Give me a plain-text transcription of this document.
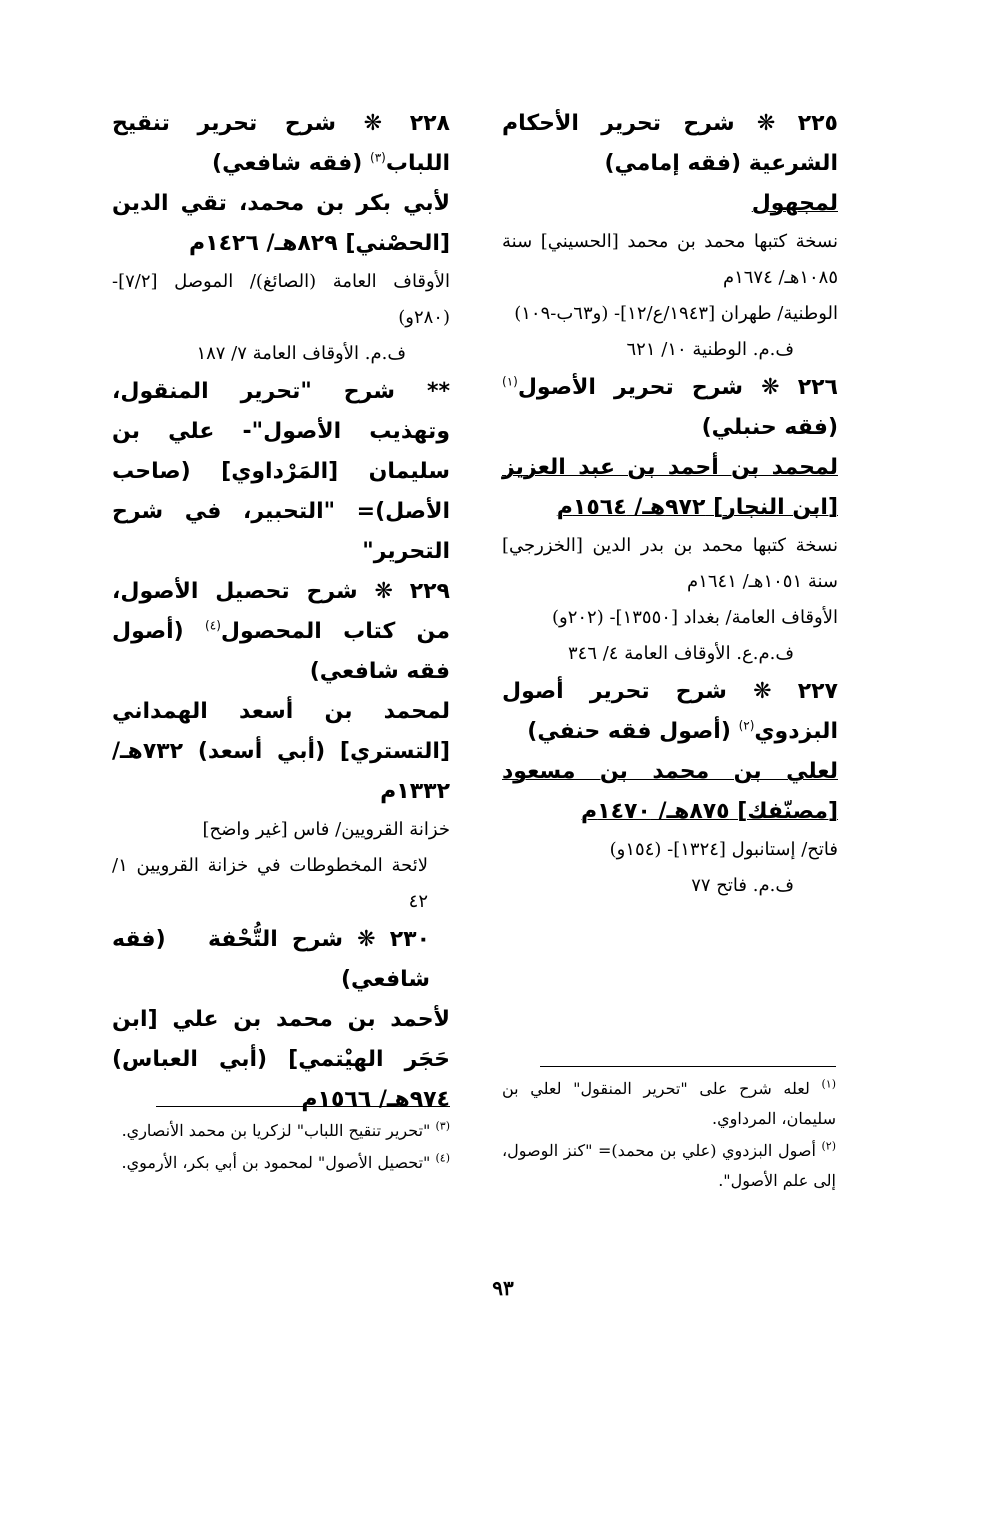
٢٢٥ ❋ شرح تحرير الأحكام الشرعية (فقه إمامي)

لمجهول

نسخة كتبها محمد بن محمد [الحسيني] سنة ١٠٨٥هـ/ ١٦٧٤م

الوطنية/ طهران [١٩٤٣/ع/١٢]- (و٦٣ب-١٠٩)

ف.م. الوطنية ١٠/ ٦٢١

٢٢٦ ❋ شرح تحرير الأصول$^{(١)}$ (فقه حنبلي)

لمحمد بن أحمد بن عبد العزيز [ابن النجار] ٩٧٢هـ/ ١٥٦٤م

نسخة كتبها محمد بن بدر الدين [الخزرجي] سنة ١٠٥١هـ/ ١٦٤١م

الأوقاف العامة/ بغداد [١٣٥٥٠]- (٢٠٢و)

ف.م.ع. الأوقاف العامة ٤/ ٣٤٦

٢٢٧ ❋ شرح تحرير أصول البزدوي$^{(٢)}$ (أصول فقه حنفي)

لعلي بن محمد بن مسعود [مصنّفك] ٨٧٥هـ/ ١٤٧٠م

فاتح/ إستانبول [١٣٢٤]- (١٥٤و)

ف.م. فاتح ٧٧

$^{(١)}$ لعله شرح على "تحرير المنقول" لعلي بن سليمان، المرداوي.

$^{(٢)}$ أصول البزدوي (علي بن محمد)= "كنز الوصول، إلى علم الأصول".

٢٢٨ ❋ شرح تحرير تنقيح اللباب$^{(٣)}$ (فقه شافعي)

لأبي بكر بن محمد، تقي الدين [الحصْني] ٨٢٩هـ/ ١٤٢٦م

الأوقاف العامة (الصائغ)/ الموصل [٧/٢]- (٢٨٠و)

ف.م. الأوقاف العامة ٧/ ١٨٧

** شرح "تحرير المنقول، وتهذيب الأصول"- علي بن سليمان [المَرْداوي] (صاحب الأصل)= "التحبير، في شرح التحرير"

٢٢٩ ❋ شرح تحصيل الأصول، من كتاب المحصول$^{(٤)}$ (أصول فقه شافعي)

لمحمد بن أسعد الهمداني [التستري] (أبي أسعد) ٧٣٢هـ/ ١٣٣٢م

خزانة القرويين/ فاس [غير واضح]

لائحة المخطوطات في خزانة القرويين ١/ ٤٢

٢٣٠ ❋ شرح التُّحْفة   (فقه شافعي)

لأحمد بن محمد بن علي [ابن حَجَر الهيْتمي] (أبي العباس) ٩٧٤هـ/ ١٥٦٦م

$^{(٣)}$ "تحرير تنقيح اللباب" لزكريا بن محمد الأنصاري.

$^{(٤)}$ "تحصيل الأصول" لمحمود بن أبي بكر، الأرموي.

٩٣
